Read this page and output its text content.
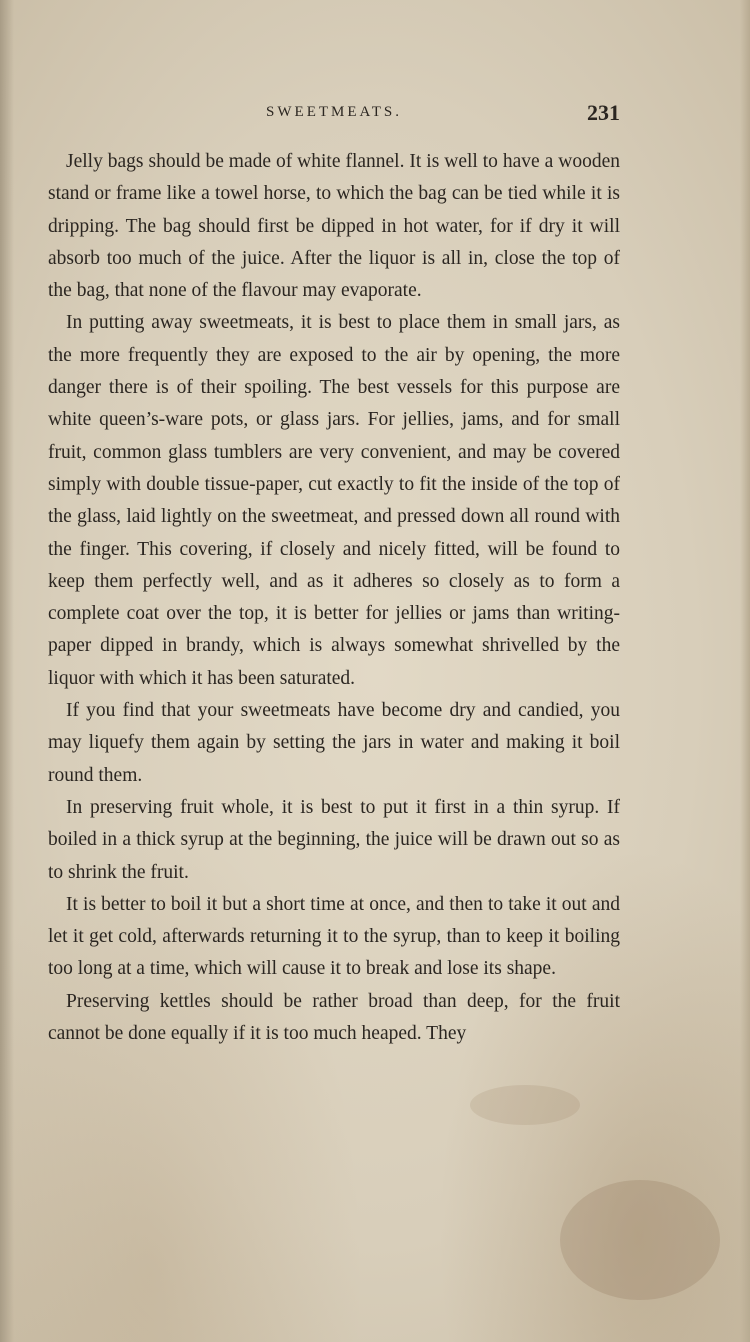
SWEETMEATS.	231

Jelly bags should be made of white flannel. It is well to have a wooden stand or frame like a towel horse, to which the bag can be tied while it is dripping. The bag should first be dipped in hot water, for if dry it will absorb too much of the juice. After the liquor is all in, close the top of the bag, that none of the flavour may evaporate.

In putting away sweetmeats, it is best to place them in small jars, as the more frequently they are exposed to the air by opening, the more danger there is of their spoiling. The best vessels for this purpose are white queen’s-ware pots, or glass jars. For jellies, jams, and for small fruit, common glass tumblers are very convenient, and may be covered simply with double tissue-paper, cut exactly to fit the inside of the top of the glass, laid lightly on the sweetmeat, and pressed down all round with the finger. This covering, if closely and nicely fitted, will be found to keep them perfectly well, and as it adheres so closely as to form a complete coat over the top, it is better for jellies or jams than writing-paper dipped in brandy, which is always somewhat shrivelled by the liquor with which it has been saturated.

If you find that your sweetmeats have become dry and candied, you may liquefy them again by setting the jars in water and making it boil round them.

In preserving fruit whole, it is best to put it first in a thin syrup. If boiled in a thick syrup at the beginning, the juice will be drawn out so as to shrink the fruit.

It is better to boil it but a short time at once, and then to take it out and let it get cold, afterwards returning it to the syrup, than to keep it boiling too long at a time, which will cause it to break and lose its shape.

Preserving kettles should be rather broad than deep, for the fruit cannot be done equally if it is too much heaped. They
